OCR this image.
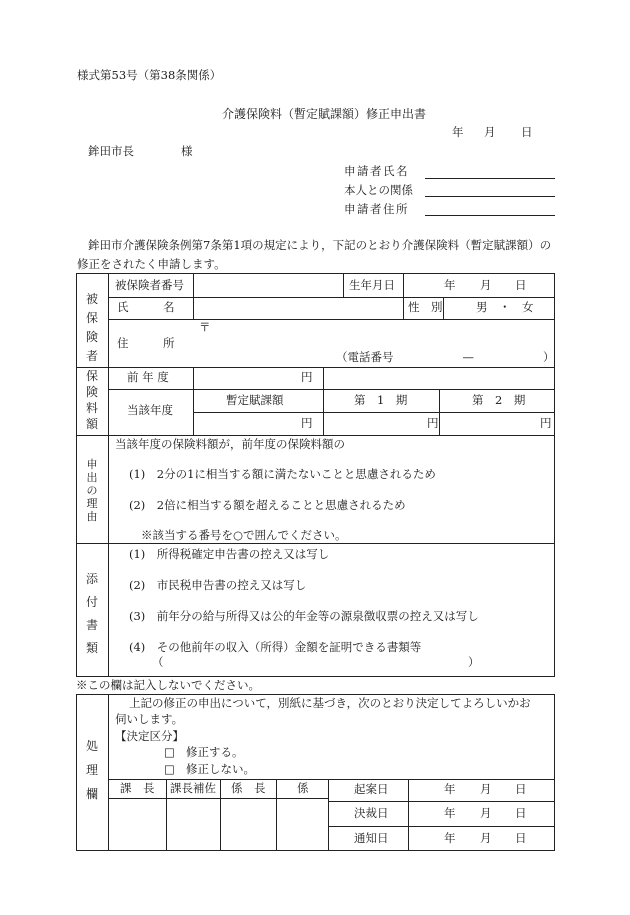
様式第53号（第38条関係）
介護保険料（暫定賦課額）修正申出書
年 月 日
鉾田市長	様
申請者氏名
本人との関係
申請者住所
鉾田市介護保険条例第7条第1項の規定により，下記のとおり介護保険料（暫定賦課額）の
修正をされたく申請します。
被
保
険
者
被保険者番号	生年月日	年 月 日
氏　　　名	性　別	男　・　女
住　　　所
〒
（電話番号　　　　　　—　　　　　　）
保
険
料
額
前 年 度	円
当該年度
暫定賦課額	第　1　期	第　2　期
円	円	円
申
出
の
理
由
当該年度の保険料額が，前年度の保険料額の
(1)　2分の1に相当する額に満たないことと思慮されるため
(2)　2倍に相当する額を超えることと思慮されるため
※該当する番号を○で囲んでください。
添
付
書
類
(1)　所得税確定申告書の控え又は写し
(2)　市民税申告書の控え又は写し
(3)　前年分の給与所得又は公的年金等の源泉徴収票の控え又は写し
(4)　その他前年の収入（所得）金額を証明できる書類等
（	）
※この欄は記入しないでください。
処
理
欄
上記の修正の申出について，別紙に基づき，次のとおり決定してよろしいかお
伺いします。
【決定区分】
□ 修正する。
□ 修正しない。
課　長 課長補佐 係　長	係	起案日	年 月 日
決裁日	年 月 日
通知日	年 月 日
